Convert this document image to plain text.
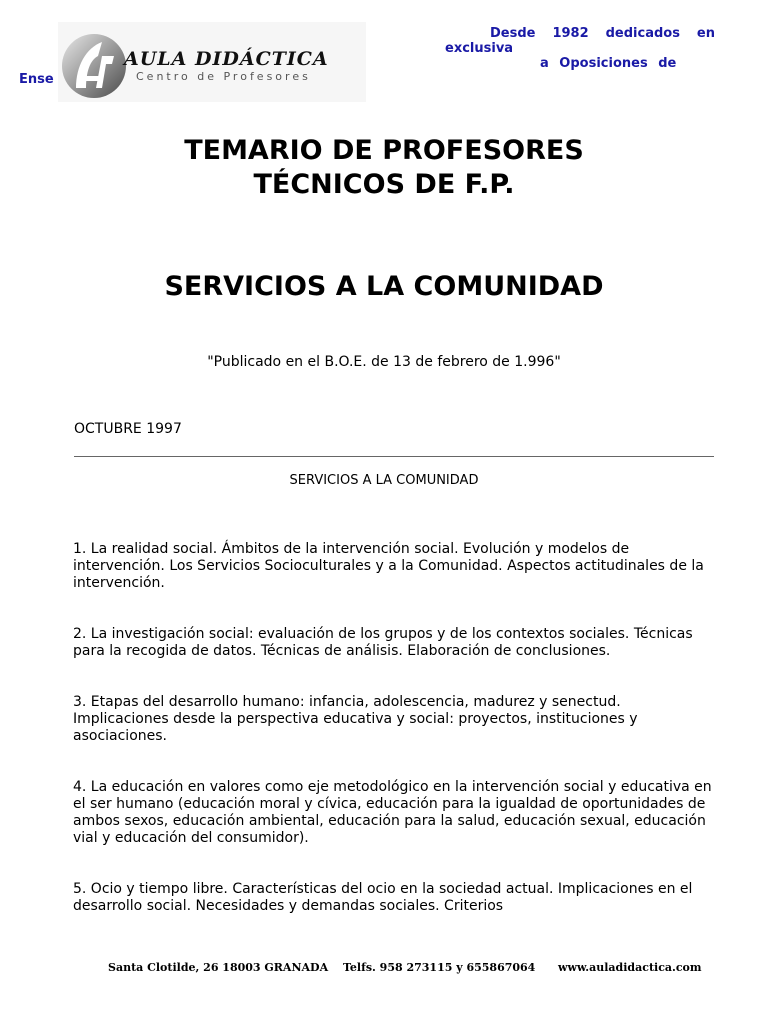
AULA DIDÁCTICA
Centro de Profesores
Ense
Desde 1982 dedicados en
exclusiva
a Oposiciones de
TEMARIO DE PROFESORES
TÉCNICOS DE F.P.
SERVICIOS A LA COMUNIDAD
"Publicado en el B.O.E. de 13 de febrero de 1.996"
OCTUBRE 1997
SERVICIOS A LA COMUNIDAD

1. La realidad social. Ámbitos de la intervención social. Evolución y modelos de intervención. Los Servicios Socioculturales y a la Comunidad. Aspectos actitudinales de la intervención.

2. La investigación social: evaluación de los grupos y de los contextos sociales. Técnicas para la recogida de datos. Técnicas de análisis. Elaboración de conclusiones.

3. Etapas del desarrollo humano: infancia, adolescencia, madurez y senectud. Implicaciones desde la perspectiva educativa y social: proyectos, instituciones y asociaciones.

4. La educación en valores como eje metodológico en la intervención social y educativa en el ser humano (educación moral y cívica, educación para la igualdad de oportunidades de ambos sexos, educación ambiental, educación para la salud, educación sexual, educación vial y educación del consumidor).

5. Ocio y tiempo libre. Características del ocio en la sociedad actual. Implicaciones en el desarrollo social. Necesidades y demandas sociales. Criterios

Santa Clotilde, 26 18003 GRANADA Telfs. 958 273115 y 655867064 www.auladidactica.com
